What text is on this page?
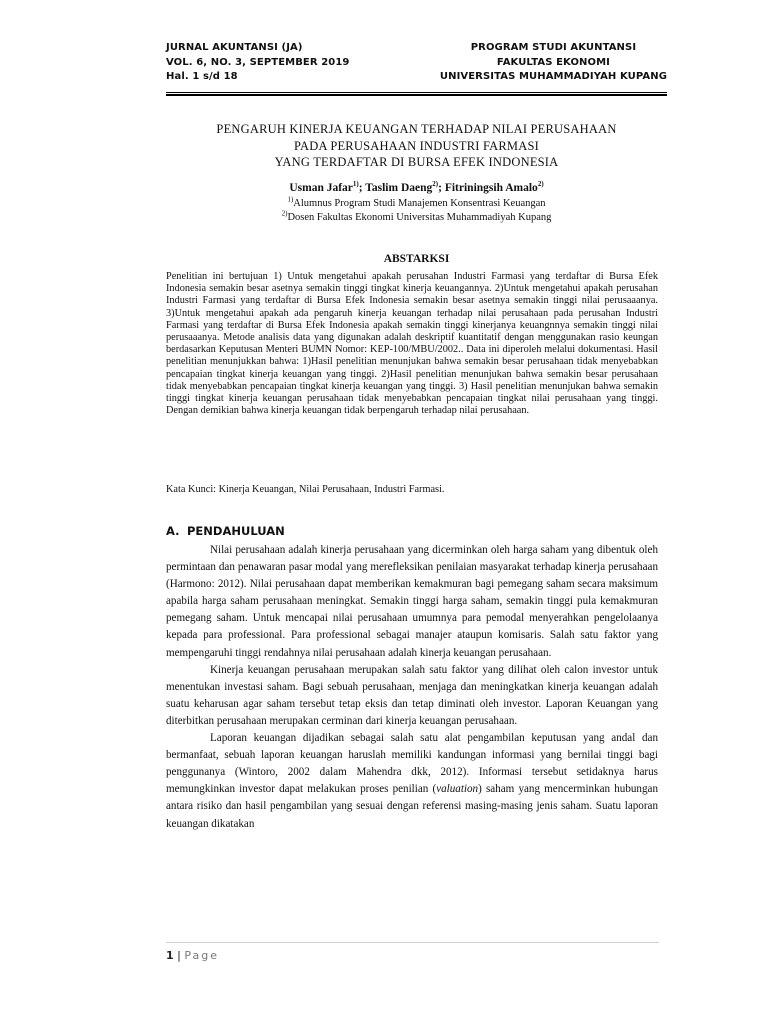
JURNAL AKUNTANSI (JA)
VOL. 6, NO. 3, SEPTEMBER 2019
Hal. 1 s/d 18
PROGRAM STUDI AKUNTANSI
FAKULTAS EKONOMI
UNIVERSITAS MUHAMMADIYAH KUPANG
PENGARUH KINERJA KEUANGAN TERHADAP NILAI PERUSAHAAN
PADA PERUSAHAAN INDUSTRI FARMASI
YANG TERDAFTAR DI BURSA EFEK INDONESIA
Usman Jafar$^{1)}$; Taslim Daeng$^{2)}$; Fitriningsih Amalo$^{2)}$
$^{1)}$Alumnus Program Studi Manajemen Konsentrasi Keuangan
$^{2)}$Dosen Fakultas Ekonomi Universitas Muhammadiyah Kupang
ABSTARKSI

Penelitian ini bertujuan 1) Untuk mengetahui apakah perusahan Industri Farmasi yang terdaftar di Bursa Efek Indonesia semakin besar asetnya semakin tinggi tingkat kinerja keuangannya. 2)Untuk mengetahui apakah perusahan Industri Farmasi yang terdaftar di Bursa Efek Indonesia semakin besar asetnya semakin tinggi nilai perusaaanya. 3)Untuk mengetahui apakah ada pengaruh kinerja keuangan terhadap nilai perusahaan pada perusahan Industri Farmasi yang terdaftar di Bursa Efek Indonesia apakah semakin tinggi kinerjanya keuangnnya semakin tinggi nilai perusaaanya. Metode analisis data yang digunakan adalah deskriptif kuantitatif dengan menggunakan rasio keungan berdasarkan Keputusan Menteri BUMN Nomor: KEP-100/MBU/2002.. Data ini diperoleh melalui dokumentasi. Hasil penelitian menunjukkan bahwa: 1)Hasil penelitian menunjukan bahwa semakin besar perusahaan tidak menyebabkan pencapaian tingkat kinerja keuangan yang tinggi. 2)Hasil penelitian menunjukan bahwa semakin besar perusahaan tidak menyebabkan pencapaian tingkat kinerja keuangan yang tinggi. 3) Hasil penelitian menunjukan bahwa semakin tinggi tingkat kinerja keuangan perusahaan tidak menyebabkan pencapaian tingkat nilai perusahaan yang tinggi. Dengan demikian bahwa kinerja keuangan tidak berpengaruh terhadap nilai perusahaan.

Kata Kunci: Kinerja Keuangan, Nilai Perusahaan, Industri Farmasi.

A. PENDAHULUAN

Nilai perusahaan adalah kinerja perusahaan yang dicerminkan oleh harga saham yang dibentuk oleh permintaan dan penawaran pasar modal yang merefleksikan penilaian masyarakat terhadap kinerja perusahaan (Harmono: 2012). Nilai perusahaan dapat memberikan kemakmuran bagi pemegang saham secara maksimum apabila harga saham perusahaan meningkat. Semakin tinggi harga saham, semakin tinggi pula kemakmuran pemegang saham. Untuk mencapai nilai perusahaan umumnya para pemodal menyerahkan pengelolaanya kepada para professional. Para professional sebagai manajer ataupun komisaris. Salah satu faktor yang mempengaruhi tinggi rendahnya nilai perusahaan adalah kinerja keuangan perusahaan.

Kinerja keuangan perusahaan merupakan salah satu faktor yang dilihat oleh calon investor untuk menentukan investasi saham. Bagi sebuah perusahaan, menjaga dan meningkatkan kinerja keuangan adalah suatu keharusan agar saham tersebut tetap eksis dan tetap diminati oleh investor. Laporan Keuangan yang diterbitkan perusahaan merupakan cerminan dari kinerja keuangan perusahaan.

Laporan keuangan dijadikan sebagai salah satu alat pengambilan keputusan yang andal dan bermanfaat, sebuah laporan keuangan haruslah memiliki kandungan informasi yang bernilai tinggi bagi penggunanya (Wintoro, 2002 dalam Mahendra dkk, 2012). Informasi tersebut setidaknya harus memungkinkan investor dapat melakukan proses penilian (valuation) saham yang mencerminkan hubungan antara risiko dan hasil pengambilan yang sesuai dengan referensi masing-masing jenis saham. Suatu laporan keuangan dikatakan

1 | Page
